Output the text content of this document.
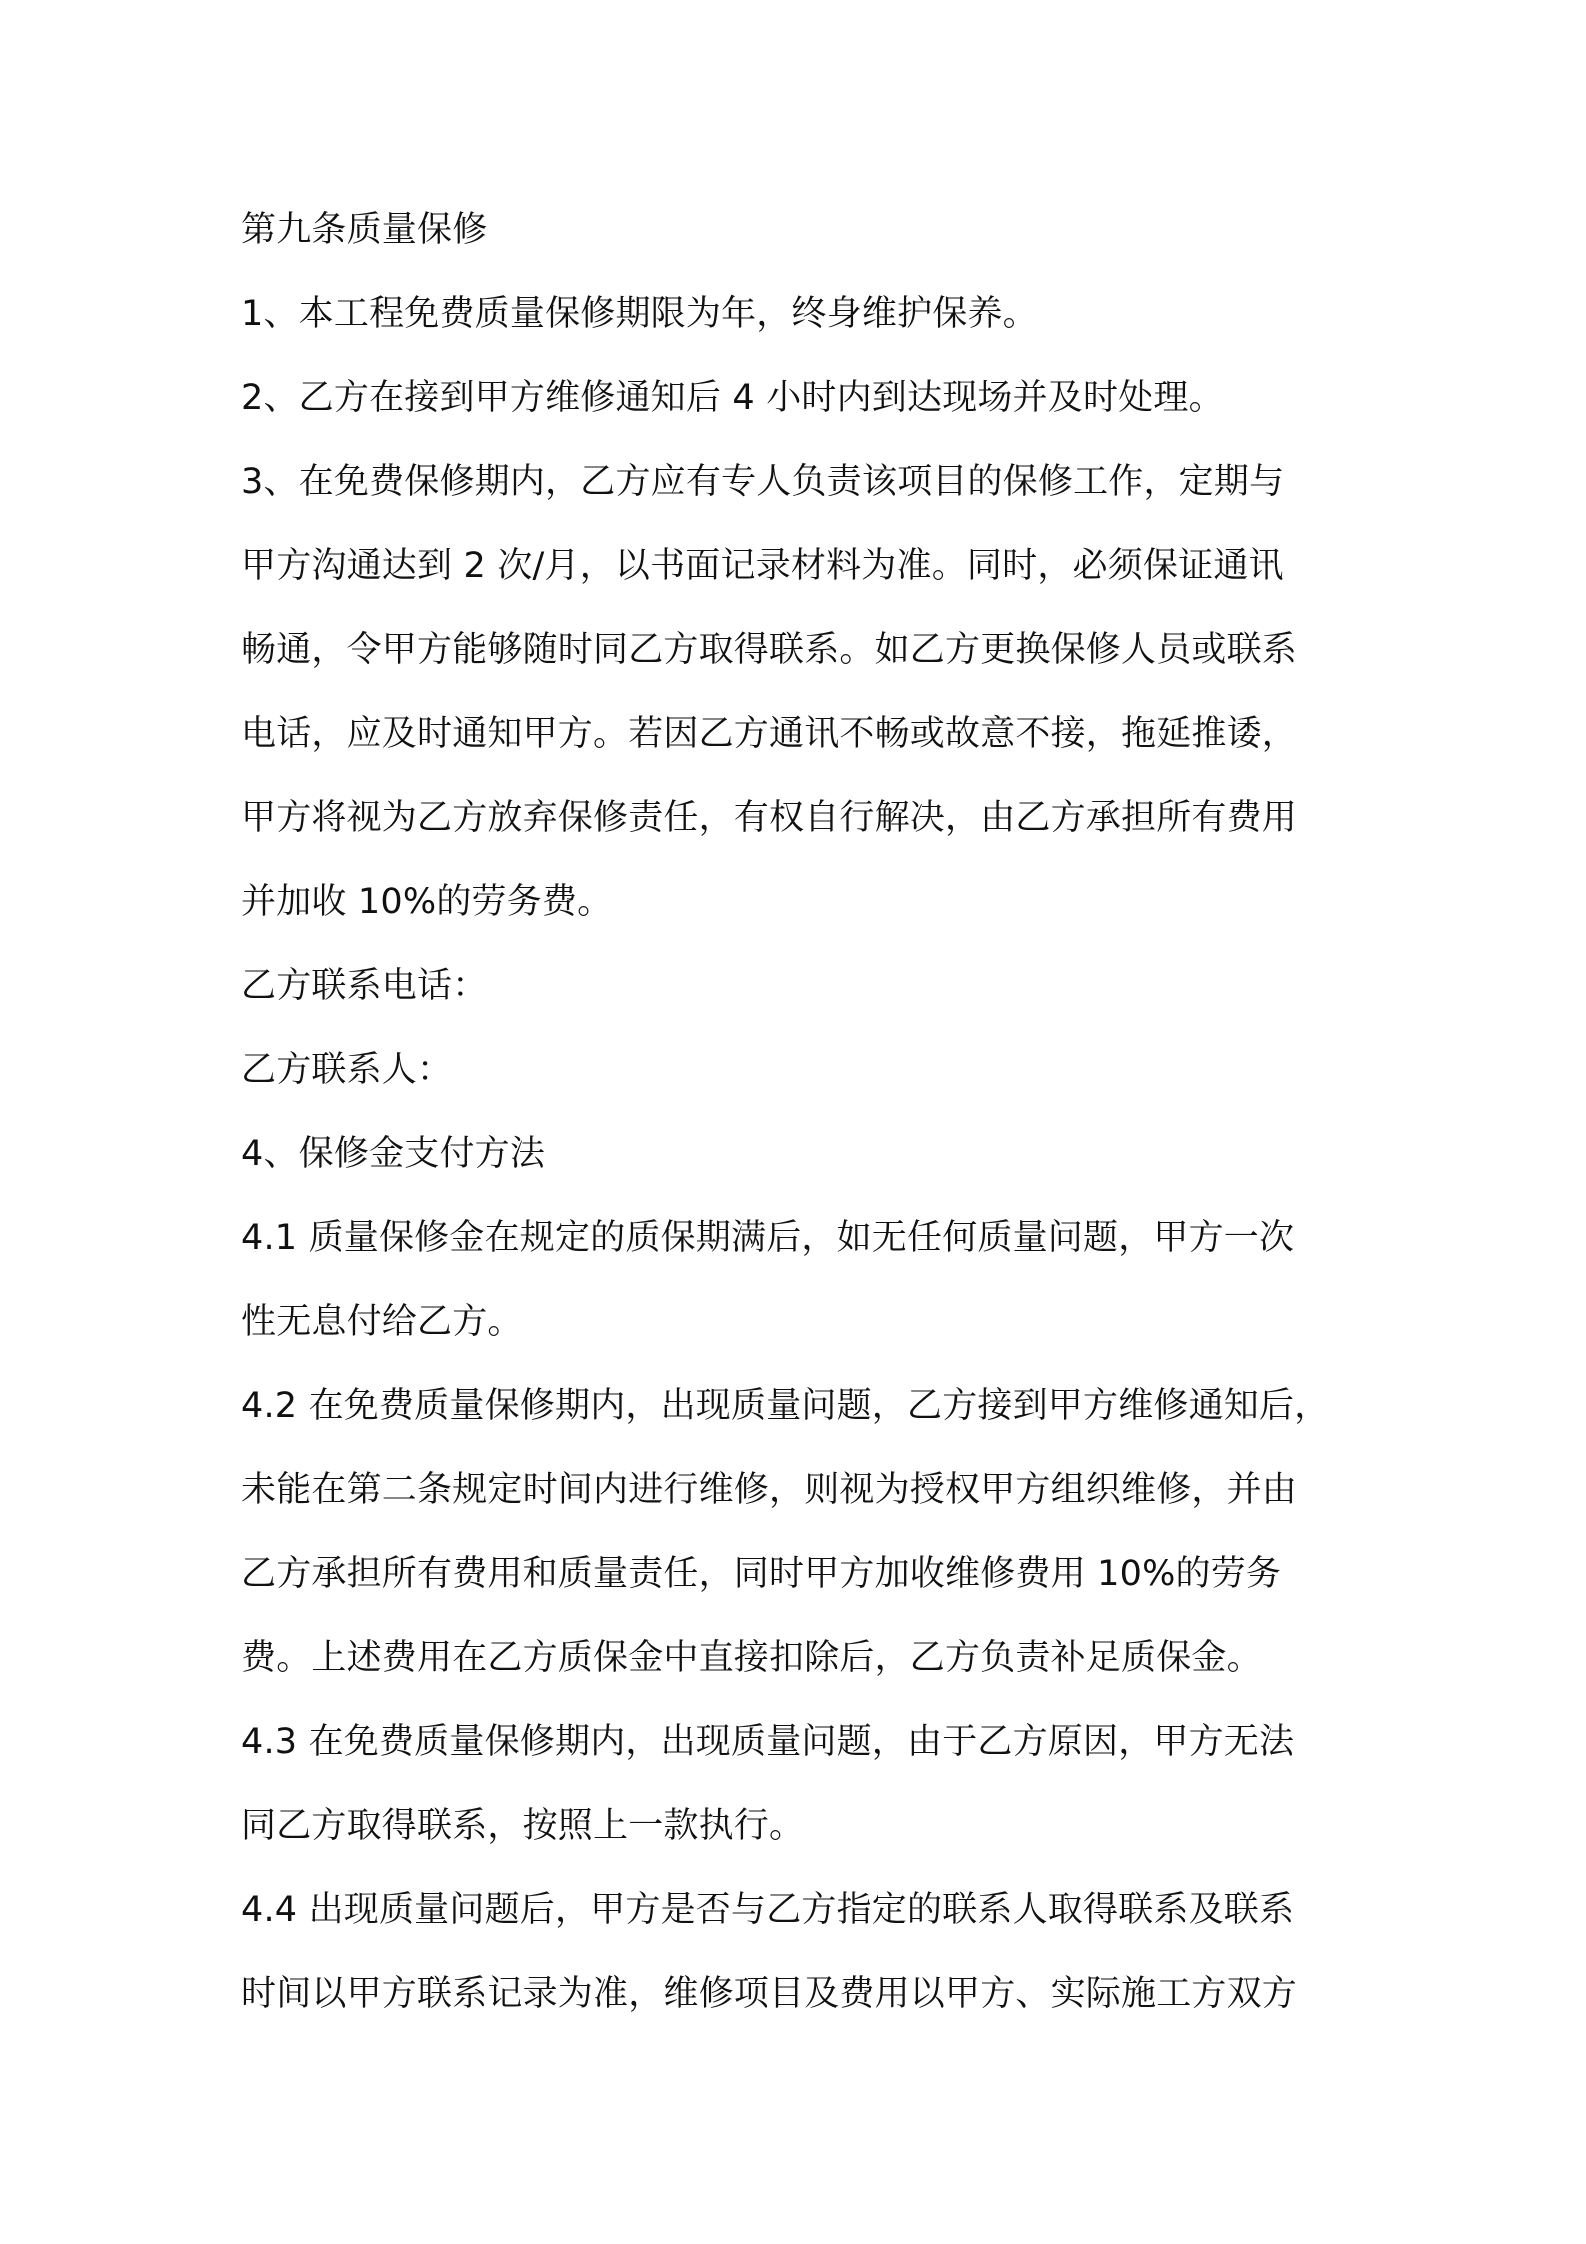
第九条质量保修
1、本工程免费质量保修期限为年，终身维护保养。
2、乙方在接到甲方维修通知后 4 小时内到达现场并及时处理。
3、在免费保修期内，乙方应有专人负责该项目的保修工作，定期与
甲方沟通达到 2 次/月，以书面记录材料为准。同时，必须保证通讯
畅通，令甲方能够随时同乙方取得联系。如乙方更换保修人员或联系
电话，应及时通知甲方。若因乙方通讯不畅或故意不接，拖延推诿，
甲方将视为乙方放弃保修责任，有权自行解决，由乙方承担所有费用
并加收 10%的劳务费。
乙方联系电话：
乙方联系人：
4、保修金支付方法
4.1 质量保修金在规定的质保期满后，如无任何质量问题，甲方一次
性无息付给乙方。
4.2 在免费质量保修期内，出现质量问题，乙方接到甲方维修通知后，
未能在第二条规定时间内进行维修，则视为授权甲方组织维修，并由
乙方承担所有费用和质量责任，同时甲方加收维修费用 10%的劳务
费。上述费用在乙方质保金中直接扣除后，乙方负责补足质保金。
4.3 在免费质量保修期内，出现质量问题，由于乙方原因，甲方无法
同乙方取得联系，按照上一款执行。
4.4 出现质量问题后，甲方是否与乙方指定的联系人取得联系及联系
时间以甲方联系记录为准，维修项目及费用以甲方、实际施工方双方
